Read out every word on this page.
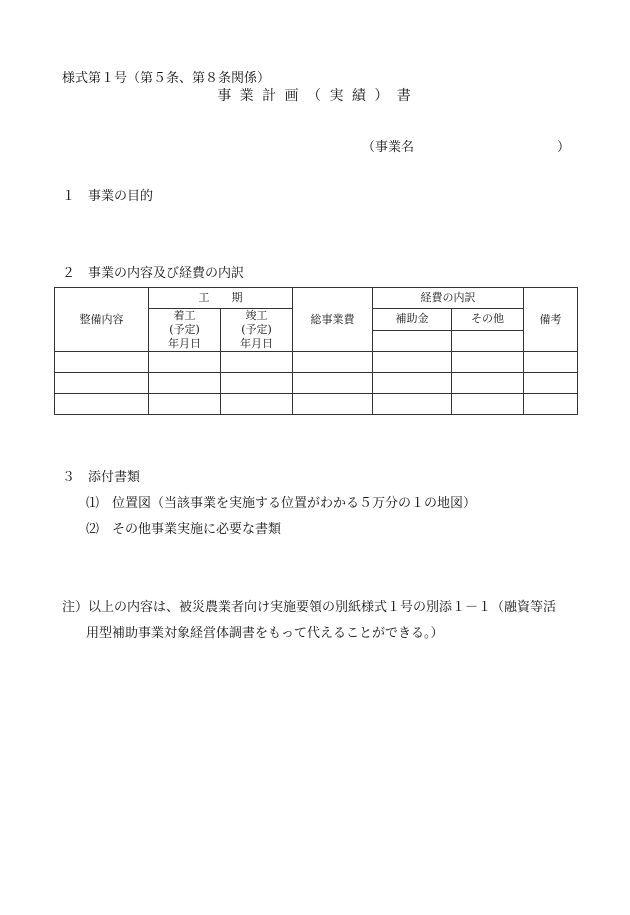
様式第１号（第５条、第８条関係）
事 業 計 画 （ 実 績 ） 書
（事業名	）
１　事業の目的
２　事業の内容及び経費の内訳
整備内容	工　　期		総事業費	経費の内訳		備考

	着工
(予定)
年月日	竣工
(予定)
年月日		補助金	その他	

３　添付書類
⑴　位置図（当該事業を実施する位置がわかる５万分の１の地図）
⑵　その他事業実施に必要な書類
注）以上の内容は、被災農業者向け実施要領の別紙様式１号の別添１－１（融資等活
用型補助事業対象経営体調書をもって代えることができる。）
